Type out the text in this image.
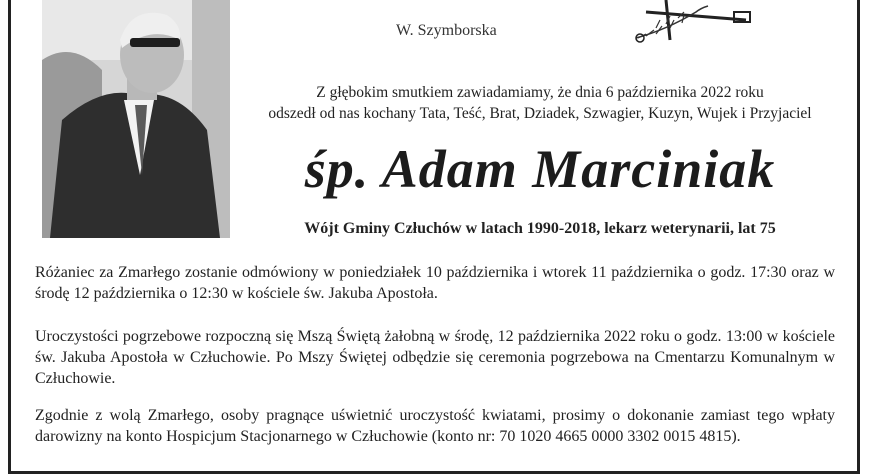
W. Szymborska
Z głębokim smutkiem zawiadamiamy, że dnia 6 października 2022 roku
odszedł od nas kochany Tata, Teść, Brat, Dziadek, Szwagier, Kuzyn, Wujek i Przyjaciel
śp. Adam Marciniak
Wójt Gminy Człuchów w latach 1990-2018, lekarz weterynarii, lat 75
Różaniec za Zmarłego zostanie odmówiony w poniedziałek 10 października i wtorek 11 października o godz. 17:30 oraz w środę 12 października o 12:30 w kościele św. Jakuba Apostoła.
Uroczystości pogrzebowe rozpoczną się Mszą Świętą żałobną w środę, 12 października 2022 roku o godz. 13:00 w kościele św. Jakuba Apostoła w Człuchowie. Po Mszy Świętej odbędzie się ceremonia pogrzebowa na Cmentarzu Komunalnym w Człuchowie.
Zgodnie z wolą Zmarłego, osoby pragnące uświetnić uroczystość kwiatami, prosimy o dokonanie zamiast tego wpłaty darowizny na konto Hospicjum Stacjonarnego w Człuchowie (konto nr: 70 1020 4665 0000 3302 0015 4815).
